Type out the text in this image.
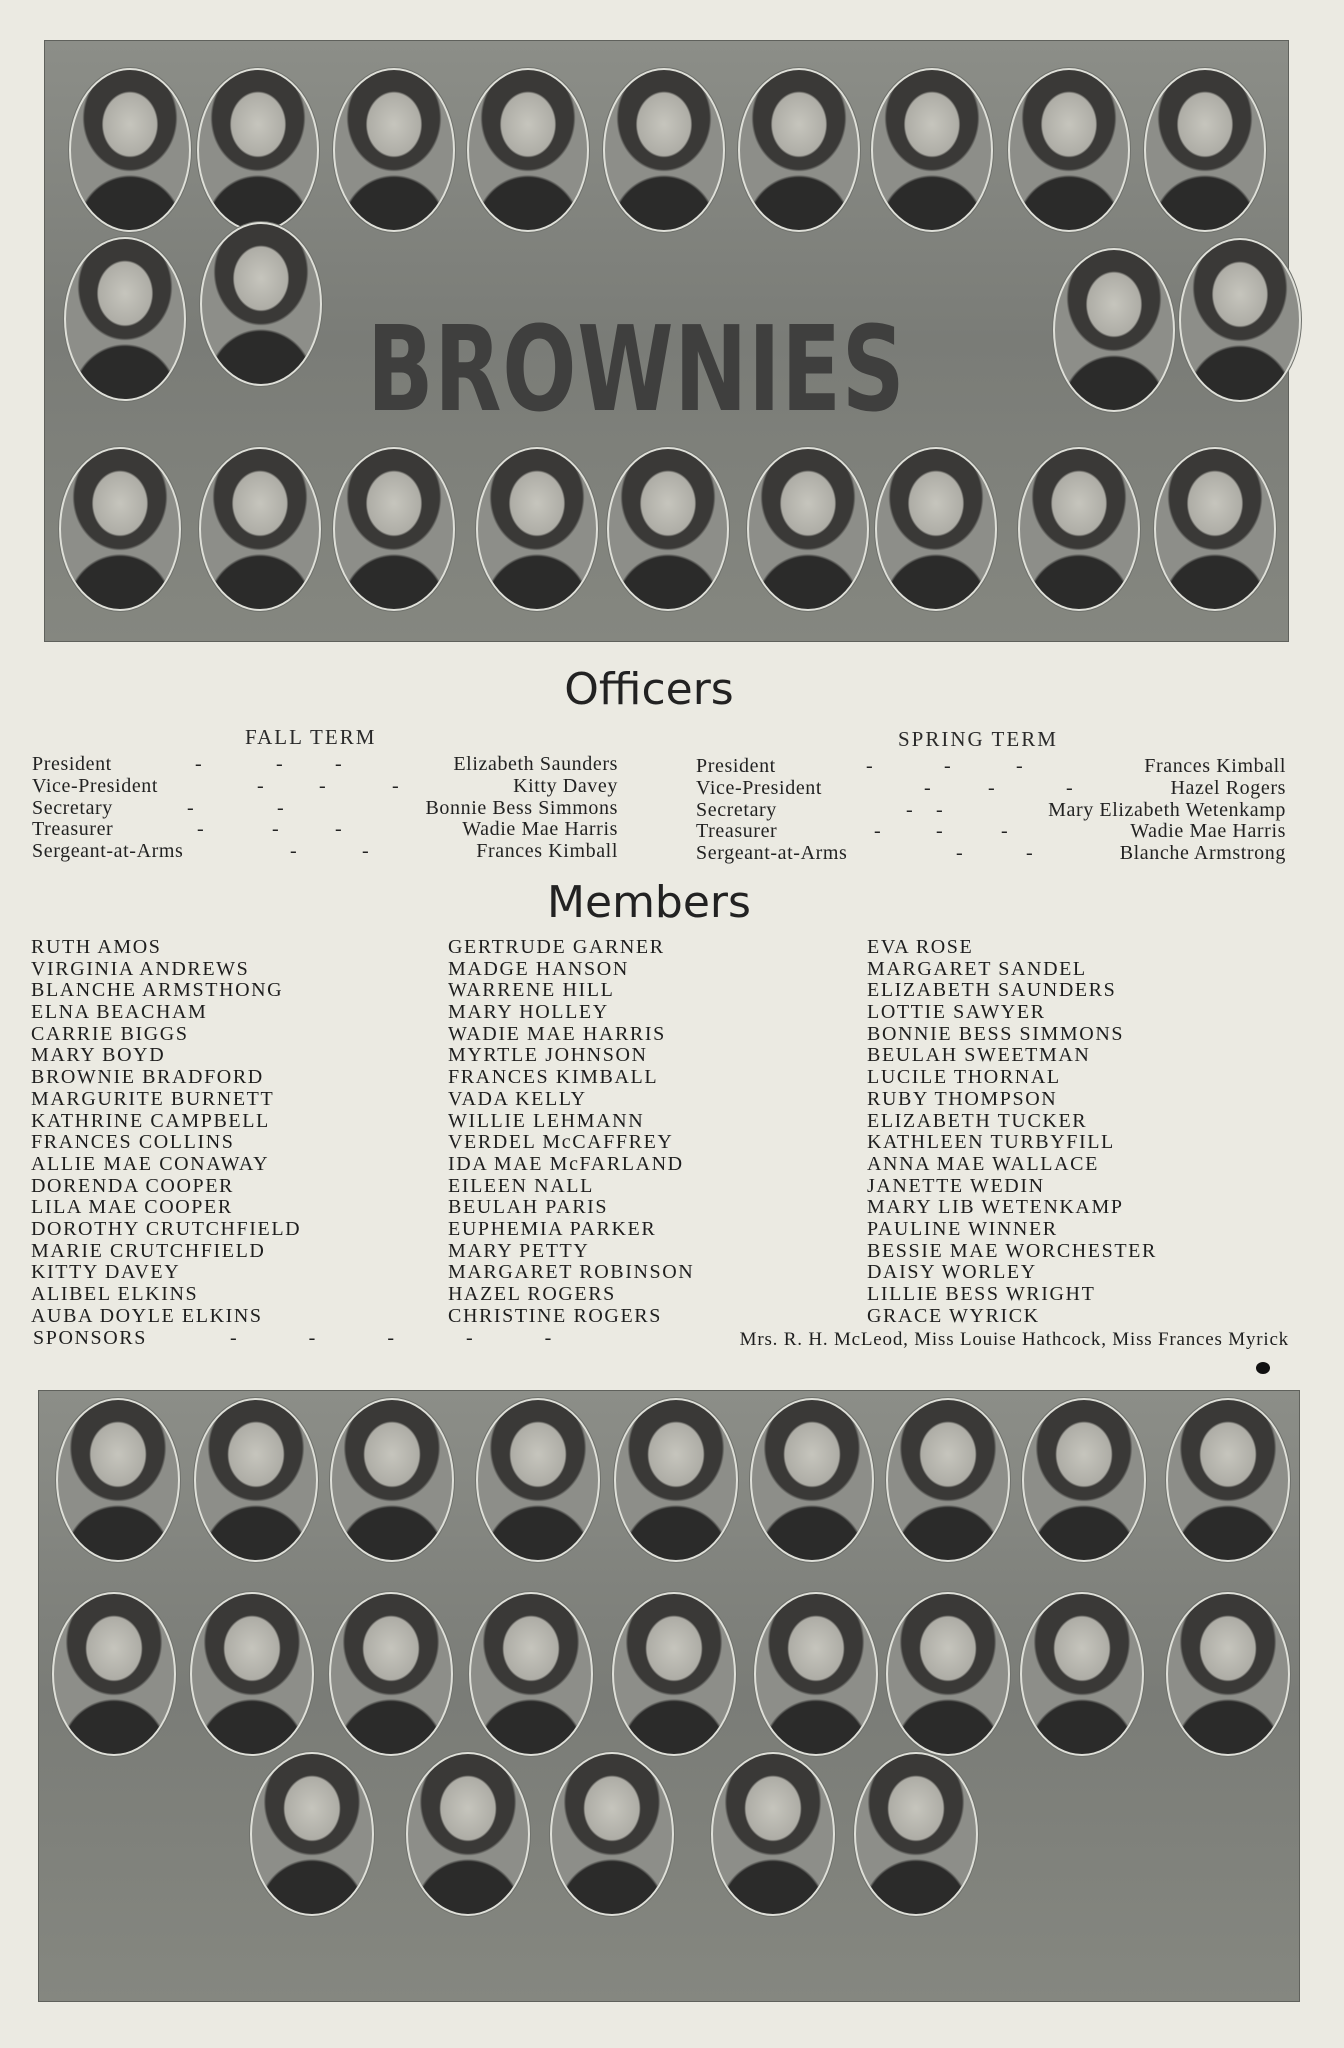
BROWNIES
Officers
FALL TERM	SPRING TERM
President	-	-	-	Elizabeth Saunders
Vice-President	-	-	-	Kitty Davey
Secretary	-	-	Bonnie Bess Simmons
Treasurer	-	-	-	Wadie Mae Harris
Sergeant-at-Arms	-	-	Frances Kimball
President	-	-	-	Frances Kimball
Vice-President	-	-	-	Hazel Rogers
Secretary	- -	Mary Elizabeth Wetenkamp
Treasurer	-	-	-	Wadie Mae Harris
Sergeant-at-Arms	-	-	Blanche Armstrong
Members
RUTH AMOS
VIRGINIA ANDREWS
BLANCHE ARMSTHONG
ELNA BEACHAM
CARRIE BIGGS
MARY BOYD
BROWNIE BRADFORD
MARGURITE BURNETT
KATHRINE CAMPBELL
FRANCES COLLINS
ALLIE MAE CONAWAY
DORENDA COOPER
LILA MAE COOPER
DOROTHY CRUTCHFIELD
MARIE CRUTCHFIELD
KITTY DAVEY
ALIBEL ELKINS
AUBA DOYLE ELKINS
GERTRUDE GARNER
MADGE HANSON
WARRENE HILL
MARY HOLLEY
WADIE MAE HARRIS
MYRTLE JOHNSON
FRANCES KIMBALL
VADA KELLY
WILLIE LEHMANN
VERDEL McCAFFREY
IDA MAE McFARLAND
EILEEN NALL
BEULAH PARIS
EUPHEMIA PARKER
MARY PETTY
MARGARET ROBINSON
HAZEL ROGERS
CHRISTINE ROGERS
EVA ROSE
MARGARET SANDEL
ELIZABETH SAUNDERS
LOTTIE SAWYER
BONNIE BESS SIMMONS
BEULAH SWEETMAN
LUCILE THORNAL
RUBY THOMPSON
ELIZABETH TUCKER
KATHLEEN TURBYFILL
ANNA MAE WALLACE
JANETTE WEDIN
MARY LIB WETENKAMP
PAULINE WINNER
BESSIE MAE WORCHESTER
DAISY WORLEY
LILLIE BESS WRIGHT
GRACE WYRICK
SPONSORS	-      -      -      -      -	Mrs. R. H. McLeod, Miss Louise Hathcock, Miss Frances Myrick
